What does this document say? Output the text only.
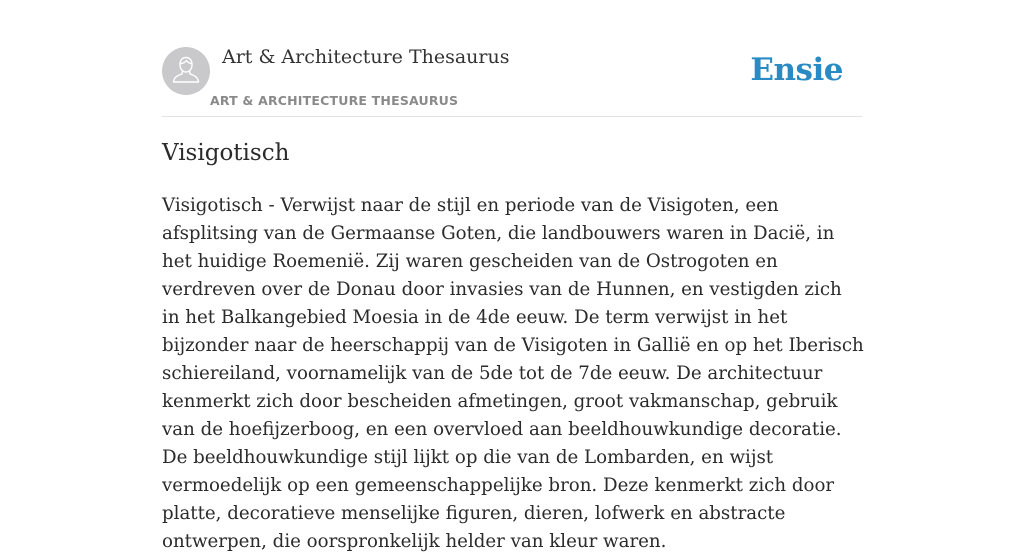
Art & Architecture Thesaurus
ART & ARCHITECTURE THESAURUS
Ensie
Visigotisch

Visigotisch - Verwijst naar de stijl en periode van de Visigoten, een afsplitsing van de Germaanse Goten, die landbouwers waren in Dacië, in het huidige Roemenië. Zij waren gescheiden van de Ostrogoten en verdreven over de Donau door invasies van de Hunnen, en vestigden zich in het Balkangebied Moesia in de 4de eeuw. De term verwijst in het bijzonder naar de heerschappij van de Visigoten in Gallië en op het Iberisch schiereiland, voornamelijk van de 5de tot de 7de eeuw. De architectuur kenmerkt zich door bescheiden afmetingen, groot vakmanschap, gebruik van de hoefijzerboog, en een overvloed aan beeldhouwkundige decoratie. De beeldhouwkundige stijl lijkt op die van de Lombarden, en wijst vermoedelijk op een gemeenschappelijke bron. Deze kenmerkt zich door platte, decoratieve menselijke figuren, dieren, lofwerk en abstracte ontwerpen, die oorspronkelijk helder van kleur waren.
